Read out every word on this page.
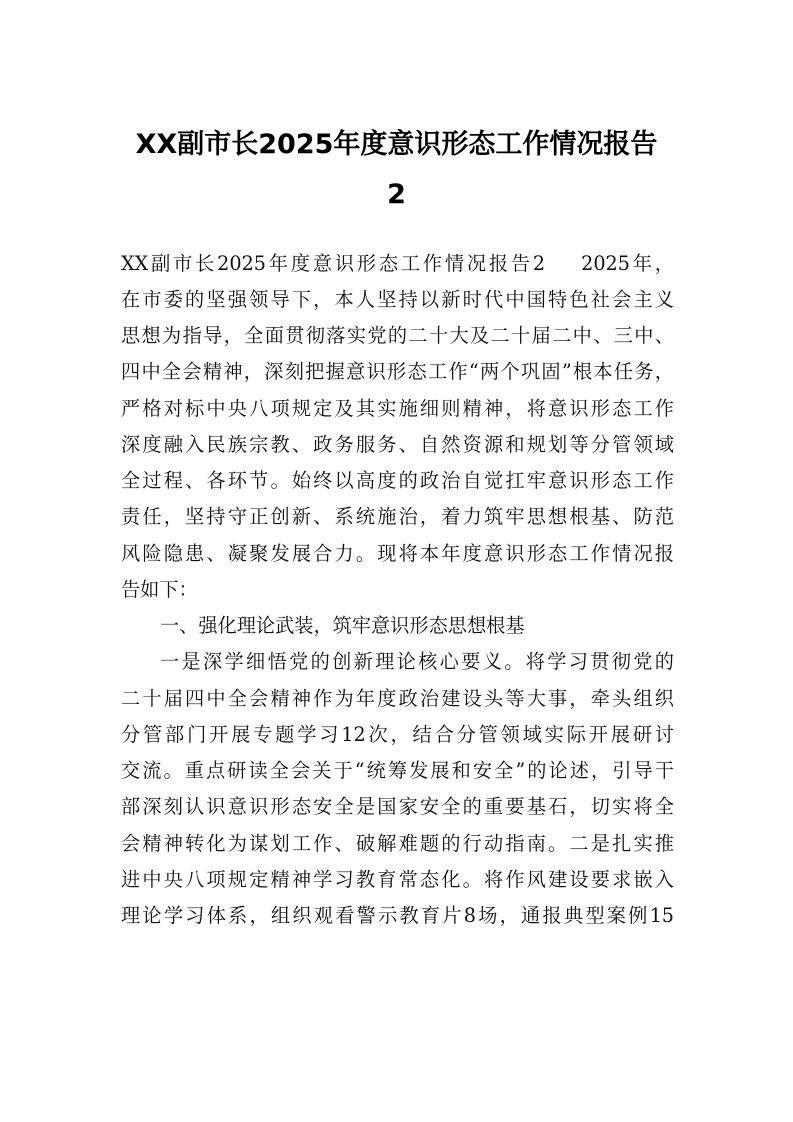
XX副市长2025年度意识形态工作情况报告
2

XX副市长2025年度意识形态工作情况报告2 2025年，

在市委的坚强领导下，本人坚持以新时代中国特色社会主义

思想为指导，全面贯彻落实党的二十大及二十届二中、三中、

四中全会精神，深刻把握意识形态工作“两个巩固”根本任务，

严格对标中央八项规定及其实施细则精神，将意识形态工作

深度融入民族宗教、政务服务、自然资源和规划等分管领域

全过程、各环节。始终以高度的政治自觉扛牢意识形态工作

责任，坚持守正创新、系统施治，着力筑牢思想根基、防范

风险隐患、凝聚发展合力。现将本年度意识形态工作情况报

告如下：

一、强化理论武装，筑牢意识形态思想根基

一是深学细悟党的创新理论核心要义。将学习贯彻党的

二十届四中全会精神作为年度政治建设头等大事，牵头组织

分管部门开展专题学习12次，结合分管领域实际开展研讨

交流。重点研读全会关于“统筹发展和安全”的论述，引导干

部深刻认识意识形态安全是国家安全的重要基石，切实将全

会精神转化为谋划工作、破解难题的行动指南。二是扎实推

进中央八项规定精神学习教育常态化。将作风建设要求嵌入

理论学习体系，组织观看警示教育片8场，通报典型案例15
